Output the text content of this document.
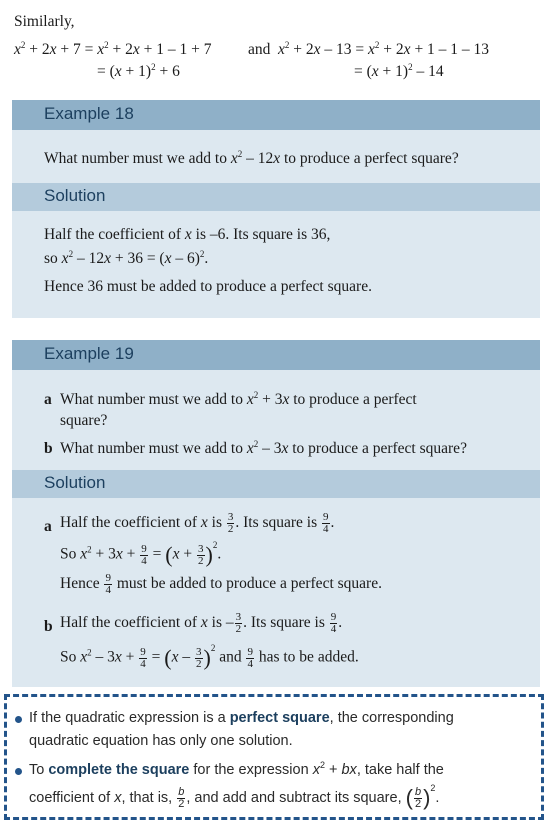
Similarly,
$x^2 + 2x + 7 = x^2 + 2x + 1 - 1 + 7$ and $x^2 + 2x - 13 = x^2 + 2x + 1 - 1 - 13$
= $(x + 1)^2 + 6$	= $(x + 1)^2 - 14$
Example 18
What number must we add to $x^2 - 12x$ to produce a perfect square?
Solution
Half the coefficient of x is –6. Its square is 36,
so $x^2 - 12x + 36 = (x - 6)^2$.
Hence 36 must be added to produce a perfect square.
Example 19
a What number must we add to $x^2 + 3x$ to produce a perfect
square?
b What number must we add to $x^2 - 3x$ to produce a perfect square?
Solution
a Half the coefficient of x is $\frac{3}{2}$ . Its square is $\frac{9}{4}$ .
So $x^2 + 3x + \frac{9}{4} = (x + \frac{3}{2} )^2$.
Hence $\frac{9}{4}$ must be added to produce a perfect square.
b Half the coefficient of x is – $\frac{3}{2}$ . Its square is $\frac{9}{4}$ .
So $x^2 - 3x + \frac{9}{4} = (x - \frac{3}{2} )^2$ and $\frac{9}{4}$ has to be added.
If the quadratic expression is a perfect square, the corresponding
quadratic equation has only one solution.
To complete the square for the expression $x^2$ + bx, take half the
coefficient of x, that is, $\frac{b}{2}$ , and add and subtract its square, ( $\frac{b}{2} )^2$.
